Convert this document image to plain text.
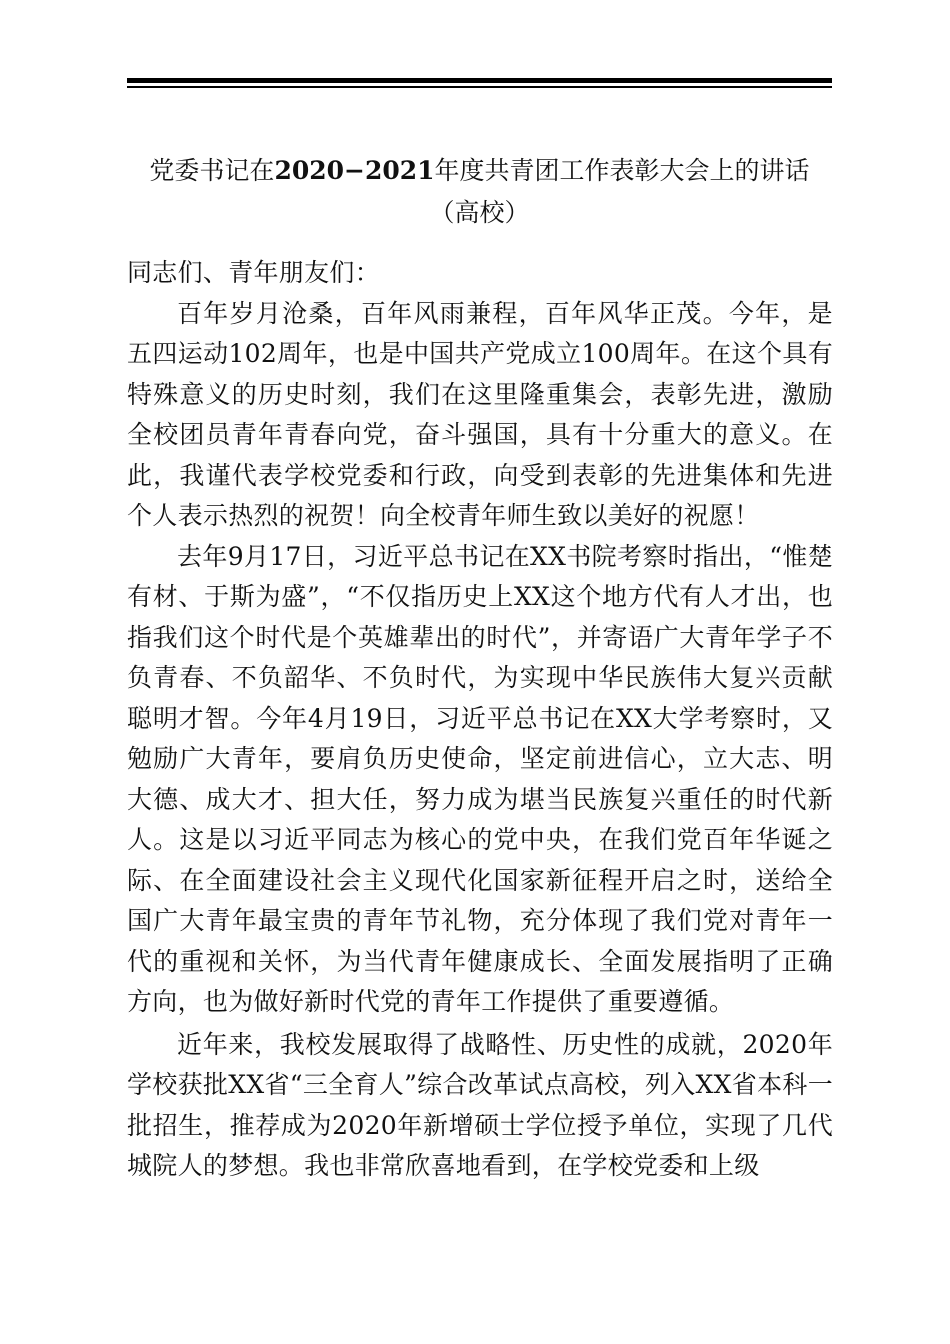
党委书记在2020−2021年度共青团工作表彰大会上的讲话（高校）

同志们、青年朋友们：

百年岁月沧桑，百年风雨兼程，百年风华正茂。今年，是五四运动102周年，也是中国共产党成立100周年。在这个具有特殊意义的历史时刻，我们在这里隆重集会，表彰先进，激励全校团员青年青春向党，奋斗强国，具有十分重大的意义。在此，我谨代表学校党委和行政，向受到表彰的先进集体和先进个人表示热烈的祝贺！向全校青年师生致以美好的祝愿！

去年9月17日，习近平总书记在XX书院考察时指出，“惟楚有材、于斯为盛”，“不仅指历史上XX这个地方代有人才出，也指我们这个时代是个英雄辈出的时代”，并寄语广大青年学子不负青春、不负韶华、不负时代，为实现中华民族伟大复兴贡献聪明才智。今年4月19日，习近平总书记在XX大学考察时，又勉励广大青年，要肩负历史使命，坚定前进信心，立大志、明大德、成大才、担大任，努力成为堪当民族复兴重任的时代新人。这是以习近平同志为核心的党中央，在我们党百年华诞之际、在全面建设社会主义现代化国家新征程开启之时，送给全国广大青年最宝贵的青年节礼物，充分体现了我们党对青年一代的重视和关怀，为当代青年健康成长、全面发展指明了正确方向，也为做好新时代党的青年工作提供了重要遵循。

近年来，我校发展取得了战略性、历史性的成就，2020年学校获批XX省“三全育人”综合改革试点高校，列入XX省本科一批招生，推荐成为2020年新增硕士学位授予单位，实现了几代城院人的梦想。我也非常欣喜地看到，在学校党委和上级
